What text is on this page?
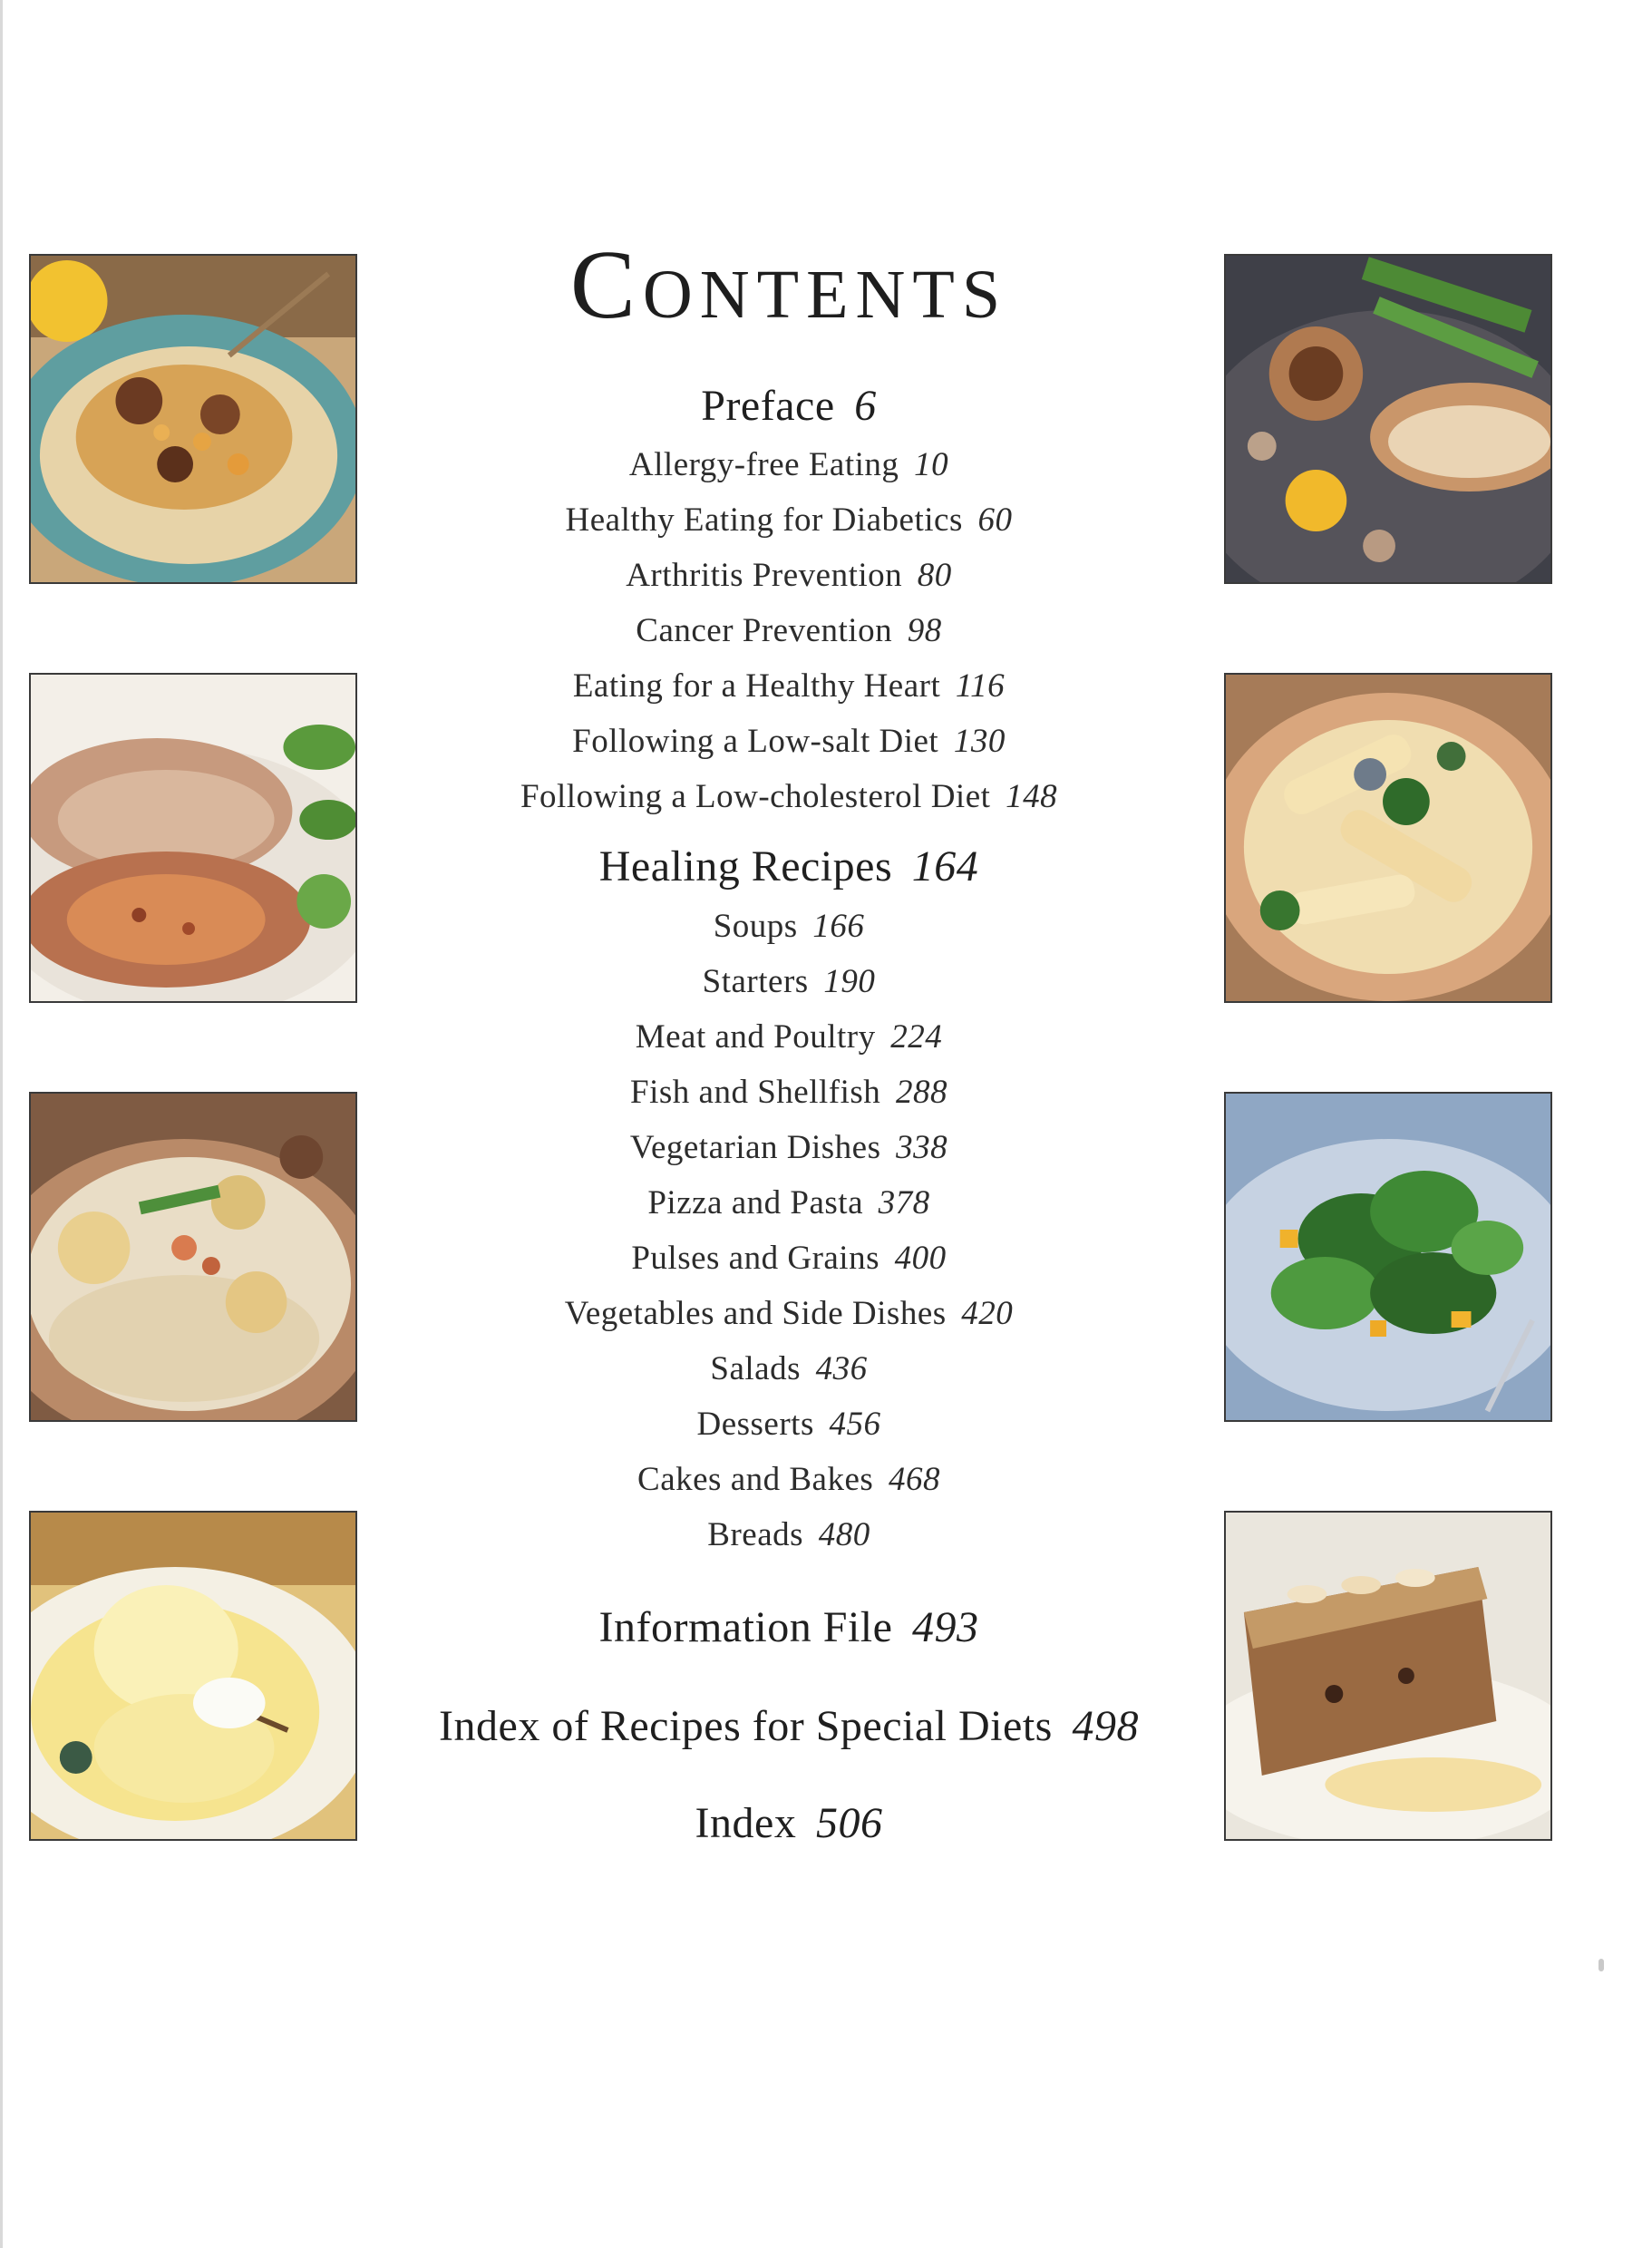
Contents
Preface 6
Allergy-free Eating 10
Healthy Eating for Diabetics 60
Arthritis Prevention 80
Cancer Prevention 98
Eating for a Healthy Heart 116
Following a Low-salt Diet 130
Following a Low-cholesterol Diet 148
Healing Recipes 164
Soups 166
Starters 190
Meat and Poultry 224
Fish and Shellfish 288
Vegetarian Dishes 338
Pizza and Pasta 378
Pulses and Grains 400
Vegetables and Side Dishes 420
Salads 436
Desserts 456
Cakes and Bakes 468
Breads 480
Information File 493
Index of Recipes for Special Diets 498
Index 506
